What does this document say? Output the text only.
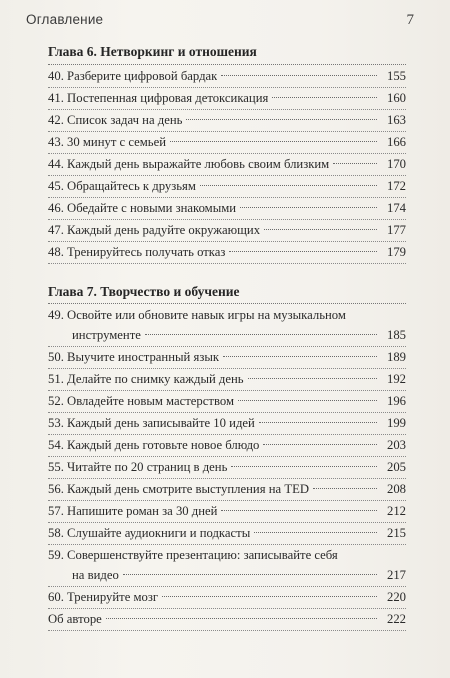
Оглавление	7
Глава 6. Нетворкинг и отношения
40. Разберите цифровой бардак	155
41. Постепенная цифровая детоксикация	160
42. Список задач на день	163
43. 30 минут с семьей	166
44. Каждый день выражайте любовь своим близким	170
45. Обращайтесь к друзьям	172
46. Обедайте с новыми знакомыми	174
47. Каждый день радуйте окружающих	177
48. Тренируйтесь получать отказ	179
Глава 7. Творчество и обучение
49. Освойте или обновите навык игры на музыкальном
инструменте	185
50. Выучите иностранный язык	189
51. Делайте по снимку каждый день	192
52. Овладейте новым мастерством	196
53. Каждый день записывайте 10 идей	199
54. Каждый день готовьте новое блюдо	203
55. Читайте по 20 страниц в день	205
56. Каждый день смотрите выступления на TED	208
57. Напишите роман за 30 дней	212
58. Слушайте аудиокниги и подкасты	215
59. Совершенствуйте презентацию: записывайте себя
на видео	217
60. Тренируйте мозг	220
Об авторе	222
